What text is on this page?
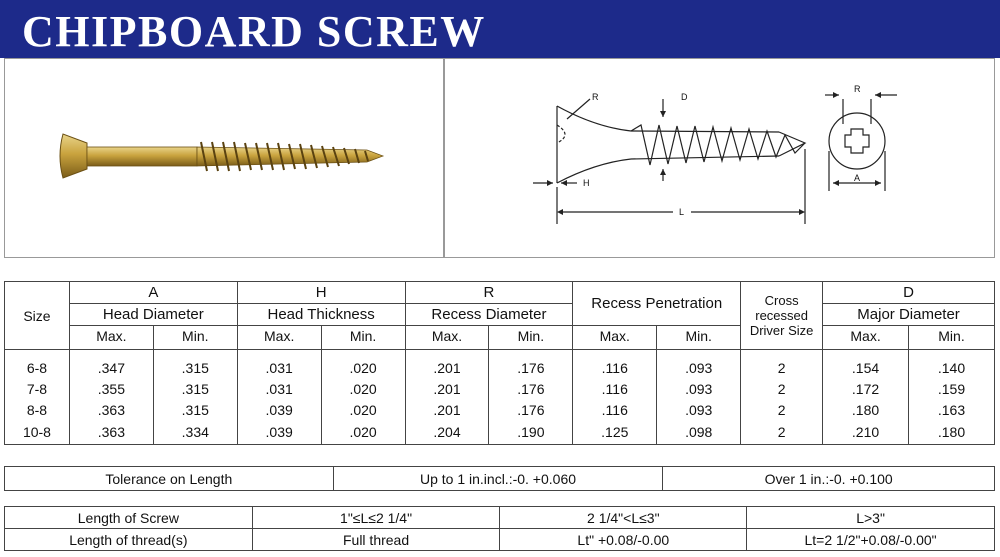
CHIPBOARD SCREW
R	D
H
L
R
A
Size	A		H		R		Recess Penetration		Cross recessed Driver Size	D	
	Head Diameter		Head Thickness		Recess Diameter					Major Diameter	
	Max.	Min.	Max.	Min.	Max.	Min.	Max.	Min.		Max.	Min.
6-8	.347	.315	.031	.020	.201	.176	.116	.093	2	.154	.140
7-8	.355	.315	.031	.020	.201	.176	.116	.093	2	.172	.159
8-8	.363	.315	.039	.020	.201	.176	.116	.093	2	.180	.163
10-8	.363	.334	.039	.020	.204	.190	.125	.098	2	.210	.180
Tolerance on Length	Up to 1 in.incl.:-0. +0.060	Over 1 in.:-0. +0.100
Length of Screw	1"≤L≤2 1/4"	2 1/4"<L≤3"	L>3"
Length of thread(s)	Full thread	Lt" +0.08/-0.00	Lt=2 1/2"+0.08/-0.00"
